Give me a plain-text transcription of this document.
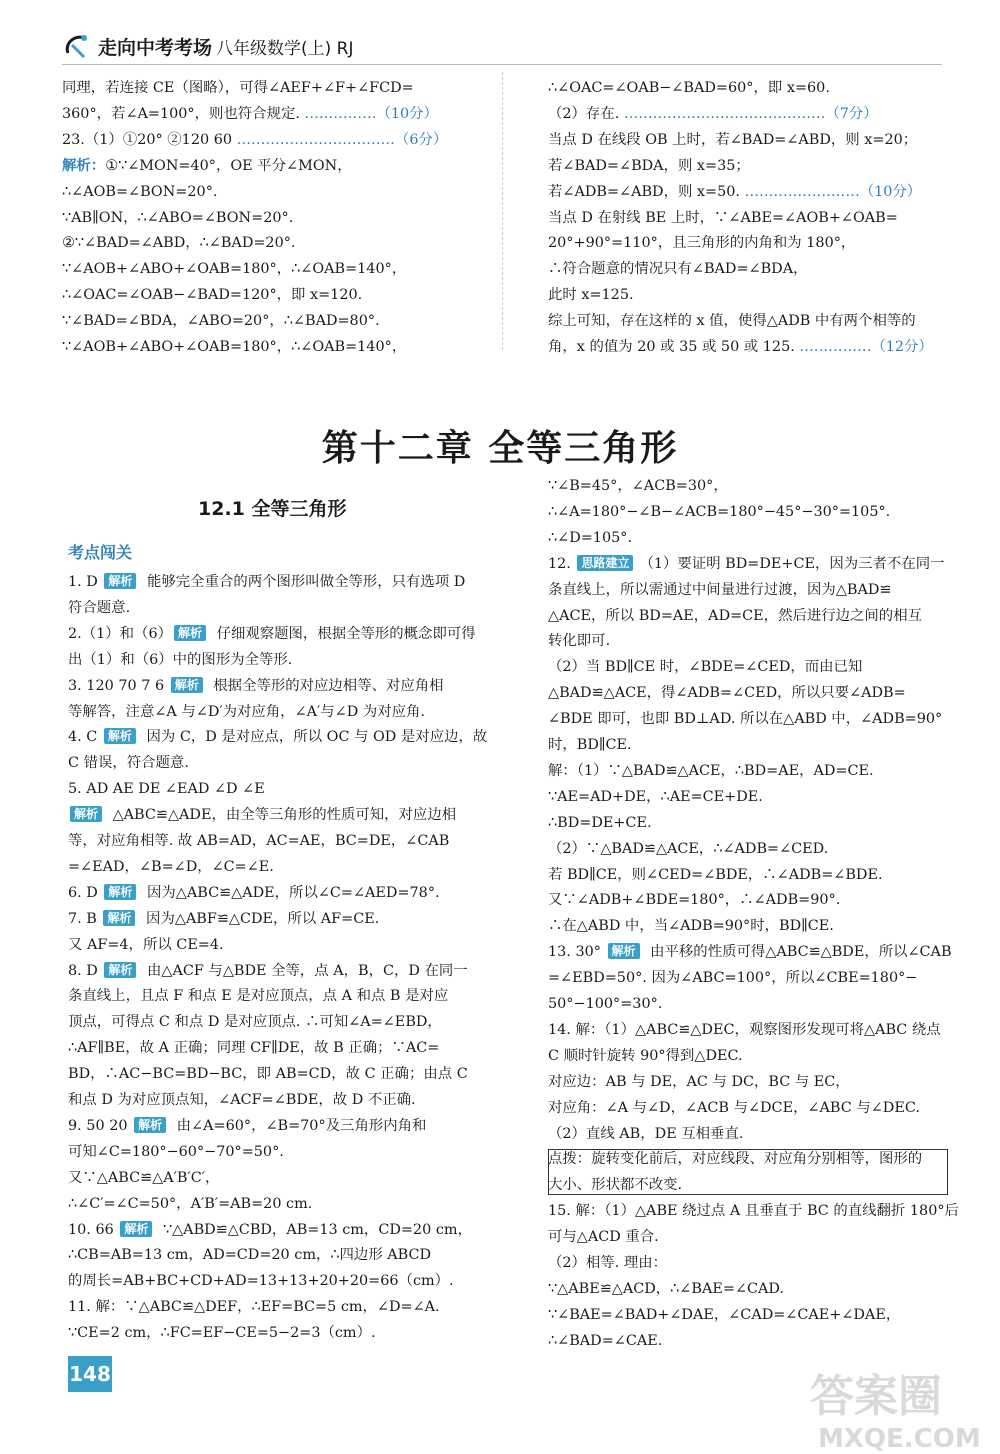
走向中考考场 八年级数学(上) RJ
同理，若连接 CE（图略），可得∠AEF+∠F+∠FCD=
360°，若∠A=100°，则也符合规定. ……………（10分）
23.（1）①20° ②120 60 ……………………………（6分）
解析：①∵∠MON=40°，OE 平分∠MON，
∴∠AOB=∠BON=20°.
∵AB∥ON，∴∠ABO=∠BON=20°.
②∵∠BAD=∠ABD，∴∠BAD=20°.
∵∠AOB+∠ABO+∠OAB=180°，∴∠OAB=140°，
∴∠OAC=∠OAB−∠BAD=120°，即 x=120.
∵∠BAD=∠BDA，∠ABO=20°，∴∠BAD=80°.
∵∠AOB+∠ABO+∠OAB=180°，∴∠OAB=140°，
∴∠OAC=∠OAB−∠BAD=60°，即 x=60.
（2）存在. ……………………………………（7分）
当点 D 在线段 OB 上时，若∠BAD=∠ABD，则 x=20；
若∠BAD=∠BDA，则 x=35；
若∠ADB=∠ABD，则 x=50. ……………………（10分）
当点 D 在射线 BE 上时，∵∠ABE=∠AOB+∠OAB=
20°+90°=110°，且三角形的内角和为 180°，
∴符合题意的情况只有∠BAD=∠BDA，
此时 x=125.
综上可知，存在这样的 x 值，使得△ADB 中有两个相等的
角，x 的值为 20 或 35 或 50 或 125. ……………（12分）
第十二章 全等三角形
12.1 全等三角形
考点闯关
1. D 解析 能够完全重合的两个图形叫做全等形，只有选项 D
符合题意.
2.（1）和（6） 解析 仔细观察题图，根据全等形的概念即可得
出（1）和（6）中的图形为全等形.
3. 120 70 7 6 解析 根据全等形的对应边相等、对应角相
等解答，注意∠A 与∠D′为对应角，∠A′与∠D 为对应角.
4. C 解析 因为 C，D 是对应点，所以 OC 与 OD 是对应边，故
C 错误，符合题意.
5. AD AE DE ∠EAD ∠D ∠E
解析 △ABC≌△ADE，由全等三角形的性质可知，对应边相
等，对应角相等. 故 AB=AD，AC=AE，BC=DE，∠CAB
=∠EAD，∠B=∠D，∠C=∠E.
6. D 解析 因为△ABC≌△ADE，所以∠C=∠AED=78°.
7. B 解析 因为△ABF≌△CDE，所以 AF=CE.
又 AF=4，所以 CE=4.
8. D 解析 由△ACF 与△BDE 全等，点 A，B，C，D 在同一
条直线上，且点 F 和点 E 是对应顶点，点 A 和点 B 是对应
顶点，可得点 C 和点 D 是对应顶点. ∴可知∠A=∠EBD，
∴AF∥BE，故 A 正确；同理 CF∥DE，故 B 正确；∵AC=
BD，∴AC−BC=BD−BC，即 AB=CD，故 C 正确；由点 C
和点 D 为对应顶点知，∠ACF=∠BDE，故 D 不正确.
9. 50 20 解析 由∠A=60°，∠B=70°及三角形内角和
可知∠C=180°−60°−70°=50°.
又∵△ABC≌△A′B′C′，
∴∠C′=∠C=50°，A′B′=AB=20 cm.
10. 66 解析 ∵△ABD≌△CBD，AB=13 cm，CD=20 cm，
∴CB=AB=13 cm，AD=CD=20 cm，∴四边形 ABCD
的周长=AB+BC+CD+AD=13+13+20+20=66（cm）.
11. 解：∵△ABC≌△DEF，∴EF=BC=5 cm，∠D=∠A.
∵CE=2 cm，∴FC=EF−CE=5−2=3（cm）.
∵∠B=45°，∠ACB=30°，
∴∠A=180°−∠B−∠ACB=180°−45°−30°=105°.
∴∠D=105°.
12. 思路建立 （1）要证明 BD=DE+CE，因为三者不在同一
条直线上，所以需通过中间量进行过渡，因为△BAD≌
△ACE，所以 BD=AE，AD=CE，然后进行边之间的相互
转化即可.
（2）当 BD∥CE 时，∠BDE=∠CED，而由已知
△BAD≌△ACE，得∠ADB=∠CED，所以只要∠ADB=
∠BDE 即可，也即 BD⊥AD. 所以在△ABD 中，∠ADB=90°
时，BD∥CE.
解：（1）∵△BAD≌△ACE，∴BD=AE，AD=CE.
∵AE=AD+DE，∴AE=CE+DE.
∴BD=DE+CE.
（2）∵△BAD≌△ACE，∴∠ADB=∠CED.
若 BD∥CE，则∠CED=∠BDE，∴∠ADB=∠BDE.
又∵∠ADB+∠BDE=180°，∴∠ADB=90°.
∴在△ABD 中，当∠ADB=90°时，BD∥CE.
13. 30° 解析 由平移的性质可得△ABC≌△BDE，所以∠CAB
=∠EBD=50°. 因为∠ABC=100°，所以∠CBE=180°−
50°−100°=30°.
14. 解：（1）△ABC≌△DEC，观察图形发现可将△ABC 绕点
C 顺时针旋转 90°得到△DEC.
对应边：AB 与 DE，AC 与 DC，BC 与 EC，
对应角：∠A 与∠D，∠ACB 与∠DCE，∠ABC 与∠DEC.
（2）直线 AB，DE 互相垂直.
点拨：旋转变化前后，对应线段、对应角分别相等，图形的
大小、形状都不改变.
15. 解：（1）△ABE 绕过点 A 且垂直于 BC 的直线翻折 180°后
可与△ACD 重合.
（2）相等. 理由：
∵△ABE≌△ACD，∴∠BAE=∠CAD.
∵∠BAE=∠BAD+∠DAE，∠CAD=∠CAE+∠DAE，
∴∠BAD=∠CAE.
148	答案圈
MXQE.COM
